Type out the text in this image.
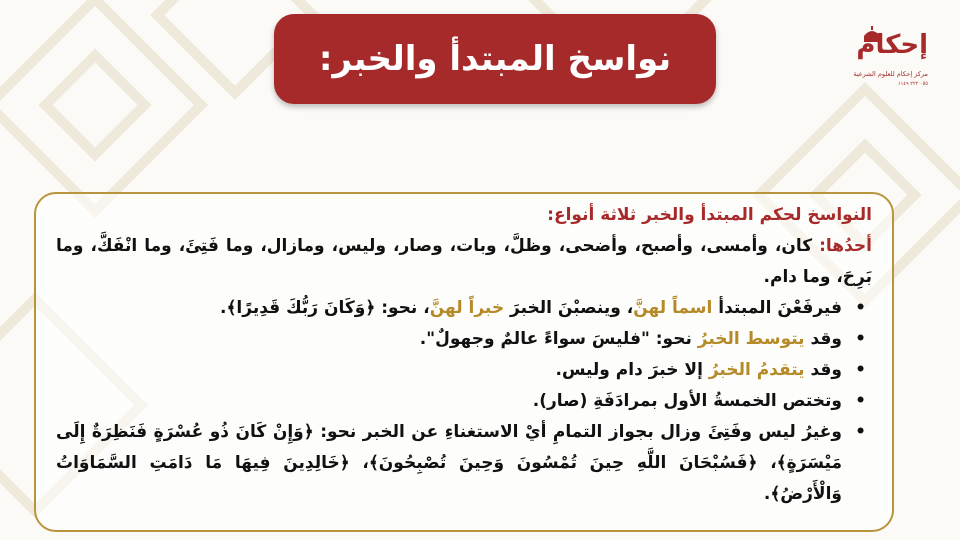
نواسخ المبتدأ والخبر:	إحكام
مركز إحكام للعلوم الشرعية
٠٥٥ ٢٢٢ ١١٤٩

النواسخ لحكم المبتدأ والخبر ثلاثة أنواع:

أحدُها: كان، وأمسى، وأصبح، وأضحى، وظلَّ، وبات، وصار، وليس، ومازال، وما فَتِئَ، وما انْفَكَّ، وما بَرِحَ، وما دام.

• فيرفَعْنَ المبتدأ اسماً لهنَّ، وينصبْنَ الخبرَ خبراً لهنَّ، نحو: ﴿وَكَانَ رَبُّكَ قَدِيرًا﴾.
• وقد يتوسط الخبرُ نحو: "فليسَ سواءً عالمٌ وجهولٌ".
• وقد يتقدمُ الخبرُ إلا خبرَ دام وليس.
• وتختص الخمسةُ الأول بمرادَفَةِ (صار).
• وغيرُ ليس وفَتِئَ وزال بجواز التمامِ أيْ الاستغناءِ عن الخبر نحو: ﴿وَإِنْ كَانَ ذُو عُسْرَةٍ فَنَظِرَةٌ إِلَى مَيْسَرَةٍ﴾، ﴿فَسُبْحَانَ اللَّهِ حِينَ تُمْسُونَ وَحِينَ تُصْبِحُونَ﴾، ﴿خَالِدِينَ فِيهَا مَا دَامَتِ السَّمَاوَاتُ وَالْأَرْضُ﴾.
